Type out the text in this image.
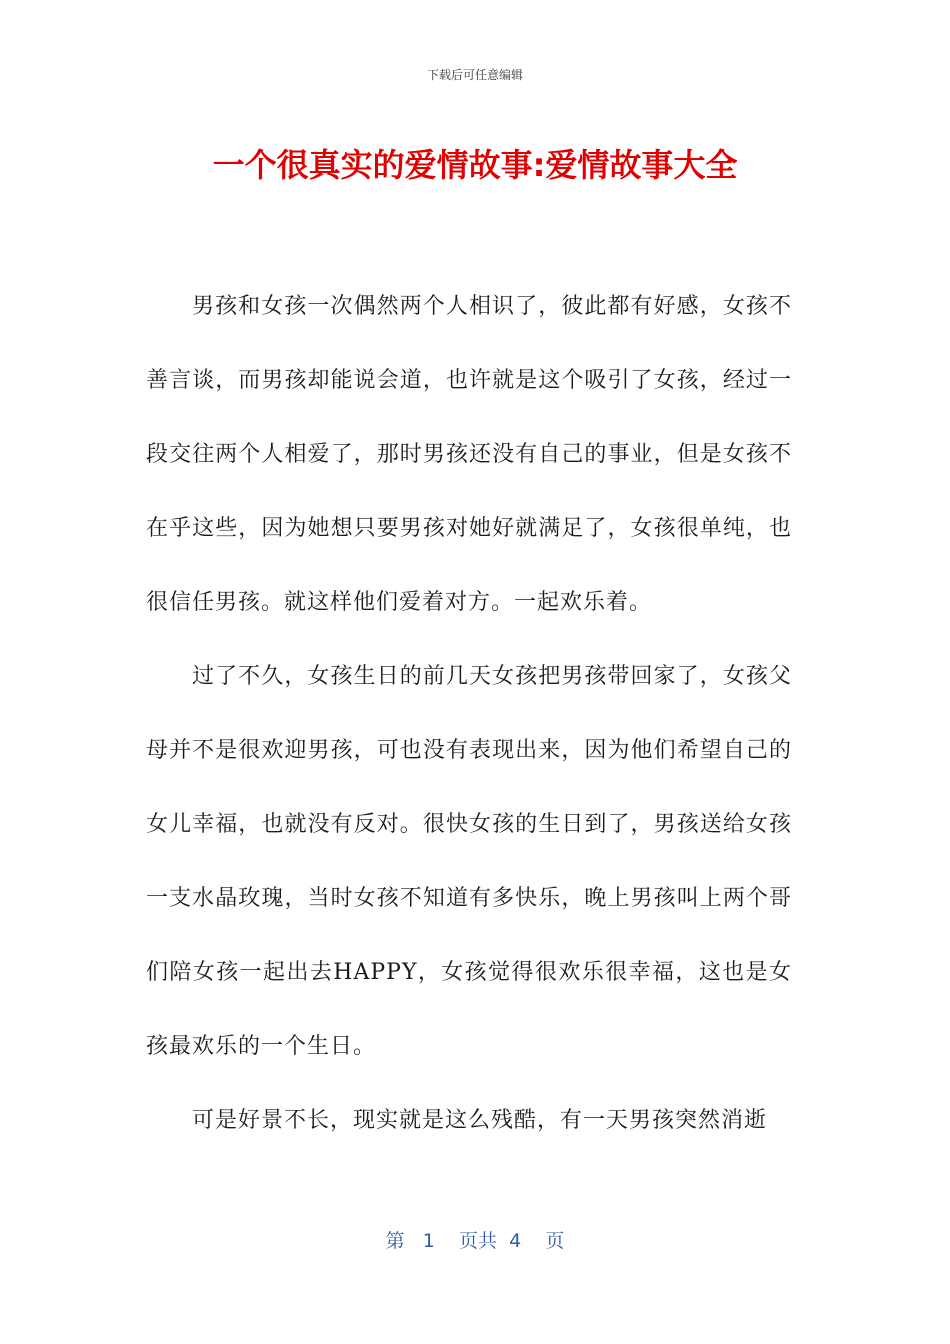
下载后可任意编辑
一个很真实的爱情故事:爱情故事大全

男孩和女孩一次偶然两个人相识了，彼此都有好感，女孩不善言谈，而男孩却能说会道，也许就是这个吸引了女孩，经过一段交往两个人相爱了，那时男孩还没有自己的事业，但是女孩不在乎这些，因为她想只要男孩对她好就满足了，女孩很单纯，也很信任男孩。就这样他们爱着对方。一起欢乐着。

过了不久，女孩生日的前几天女孩把男孩带回家了，女孩父母并不是很欢迎男孩，可也没有表现出来，因为他们希望自己的女儿幸福，也就没有反对。很快女孩的生日到了，男孩送给女孩一支水晶玫瑰，当时女孩不知道有多快乐，晚上男孩叫上两个哥们陪女孩一起出去HAPPY，女孩觉得很欢乐很幸福，这也是女孩最欢乐的一个生日。

可是好景不长，现实就是这么残酷，有一天男孩突然消逝

第 1 页共 4 页
